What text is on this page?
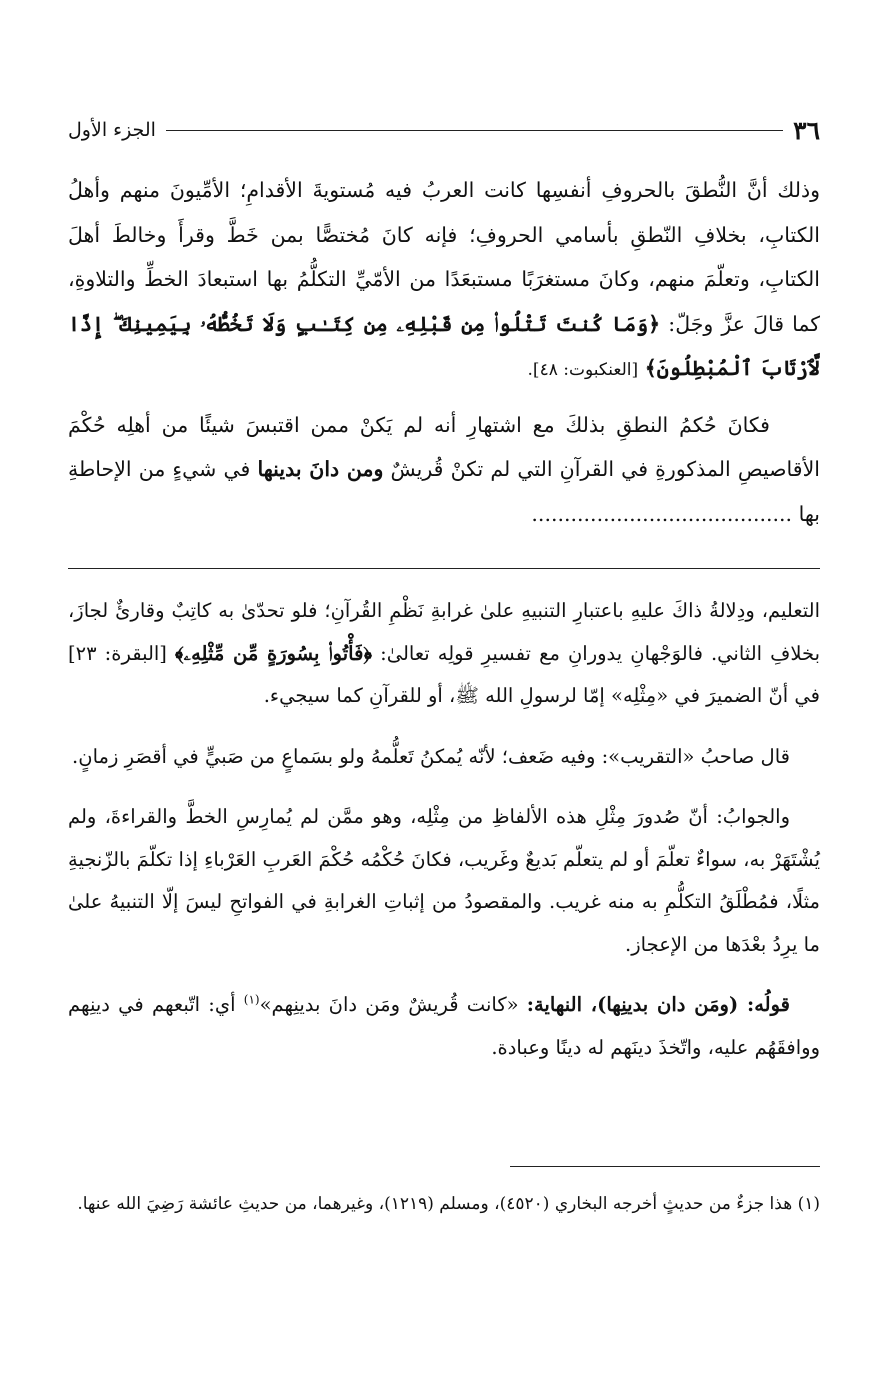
٣٦
الجزء الأول

وذلك أنَّ النُّطقَ بالحروفِ أنفسِها كانت العربُ فيه مُستويةَ الأقدامِ؛ الأمِّيونَ منهم وأهلُ الكتابِ، بخلافِ النّطقِ بأسامي الحروفِ؛ فإنه كانَ مُختصًّا بمن خَطَّ وقرأَ وخالطَ أهلَ الكتابِ، وتعلّمَ منهم، وكانَ مستغرَبًا مستبعَدًا من الأمّيِّ التكلُّمُ بها استبعادَ الخطِّ والتلاوةِ، كما قالَ عزَّ وجَلّ: ﴿وَمَا كُنتَ تَتْلُوا۟ مِن قَبْلِهِۦ مِن كِتَـٰبٍ وَلَا تَخُطُّهُۥ بِيَمِينِكَ ۖ إِذًا لَّٱرْتَابَ ٱلْمُبْطِلُونَ﴾ [العنكبوت: ٤٨].

فكانَ حُكمُ النطقِ بذلكَ مع اشتهارِ أنه لم يَكنْ ممن اقتبسَ شيئًا من أهلِه حُكْمَ الأقاصيصِ المذكورةِ في القرآنِ التي لم تكنْ قُريشٌ ومن دانَ بدينها في شيءٍ من الإحاطةِ بها ........................................

التعليم، ودِلالةُ ذاكَ عليهِ باعتبارِ التنبيهِ علىٰ غرابةِ نَظْمِ القُرآنِ؛ فلو تحدّىٰ به كاتِبٌ وقارئٌ لجازَ، بخلافِ الثاني. فالوَجْهانِ يدورانِ مع تفسيرِ قولِه تعالىٰ: ﴿فَأْتُوا۟ بِسُورَةٍ مِّن مِّثْلِهِۦ﴾ [البقرة: ٢٣] في أنّ الضميرَ في «مِثْلِه» إمّا لرسولِ الله ﷺ، أو للقرآنِ كما سيجيء.

قال صاحبُ «التقريب»: وفيه ضَعف؛ لأنّه يُمكنُ تَعلُّمهُ ولو بسَماعٍ من صَبيٍّ في أقصَرِ زمانٍ.

والجوابُ: أنّ صُدورَ مِثْلِ هذه الألفاظِ من مِثْلِه، وهو ممَّن لم يُمارِسِ الخطَّ والقراءةَ، ولم يُشْتَهَرْ به، سواءٌ تعلّمَ أو لم يتعلّم بَديعٌ وغَريب، فكانَ حُكْمُه حُكْمَ العَربِ العَرْباءِ إذا تكلّمَ بالزّنجيةِ مثلًا، فمُطْلَقُ التكلُّمِ به منه غريب. والمقصودُ من إثباتِ الغرابةِ في الفواتحِ ليسَ إلّا التنبيهُ علىٰ ما يرِدُ بعْدَها من الإعجاز.

قولُه: (ومَن دان بدينِها)، النهاية: «كانت قُريشٌ ومَن دانَ بدينِهم»$^{(١)}$ أي: اتّبعهم في دينِهم ووافقَهُم عليه، واتّخذَ دينَهم له دينًا وعبادة.

(١) هذا جزءٌ من حديثٍ أخرجه البخاري (٤٥٢٠)، ومسلم (١٢١٩)، وغيرهما، من حديثِ عائشة رَضِيَ الله عنها.
